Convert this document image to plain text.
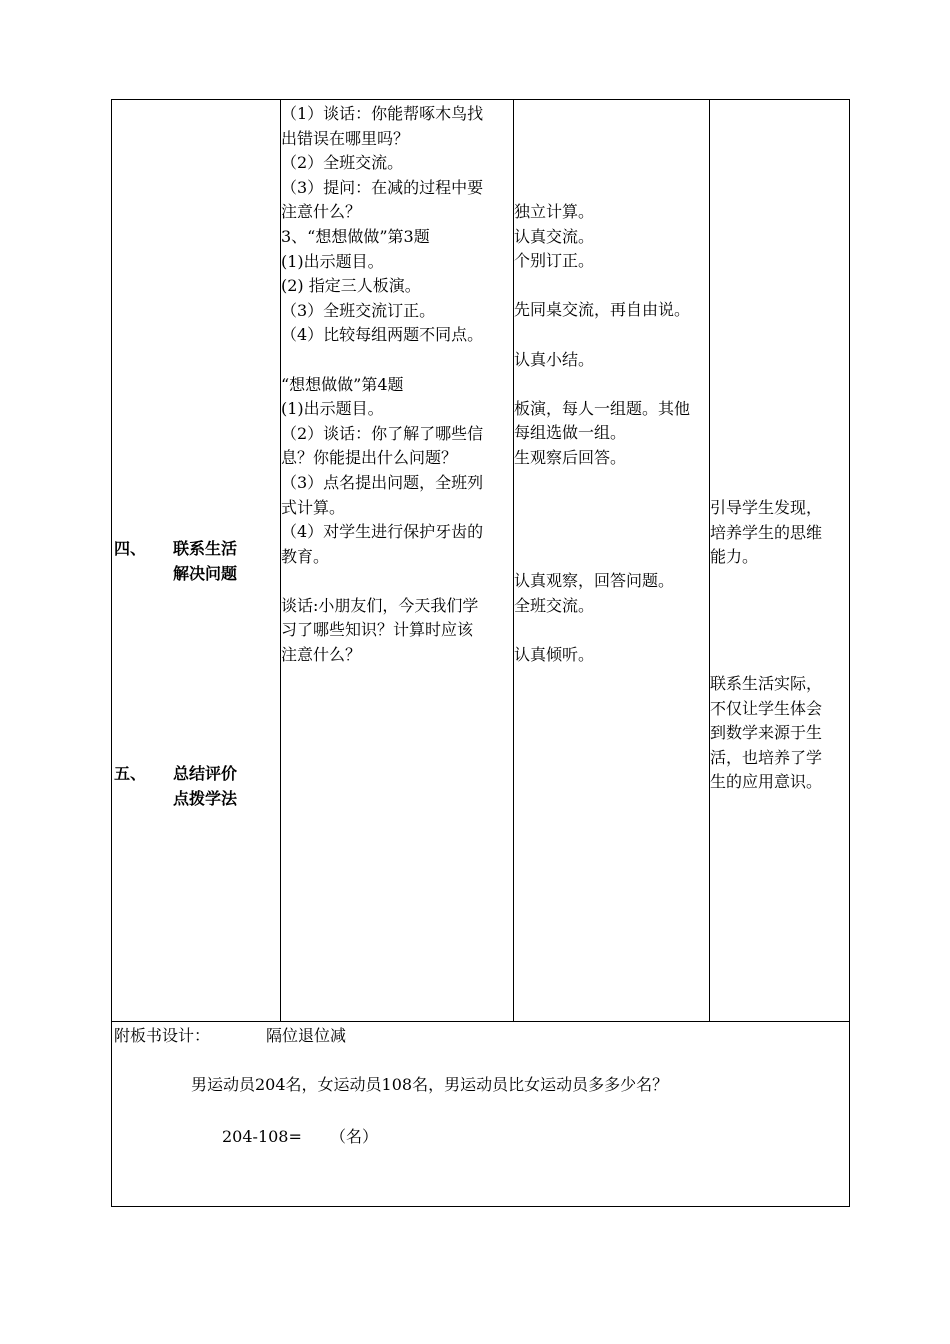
四、 联系生活

解决问题

五、 总结评价

点拨学法

（1）谈话：你能帮啄木鸟找

出错误在哪里吗？

（2）全班交流。

（3）提问：在减的过程中要

注意什么？

3、“想想做做”第3题

(1)出示题目。

(2) 指定三人板演。

（3）全班交流订正。

（4）比较每组两题不同点。

“想想做做”第4题

(1)出示题目。

（2）谈话：你了解了哪些信

息？你能提出什么问题？

（3）点名提出问题，全班列

式计算。

（4）对学生进行保护牙齿的

教育。

谈话:小朋友们，今天我们学

习了哪些知识？计算时应该

注意什么？

独立计算。

认真交流。

个别订正。

先同桌交流，再自由说。

认真小结。

板演，每人一组题。其他

每组选做一组。

生观察后回答。

认真观察，回答问题。

全班交流。

认真倾听。

引导学生发现，

培养学生的思维

能力。

联系生活实际，

不仅让学生体会

到数学来源于生

活，也培养了学

生的应用意识。

附板书设计：	隔位退位减
男运动员204名，女运动员108名，男运动员比女运动员多多少名？
204-108= （名）
